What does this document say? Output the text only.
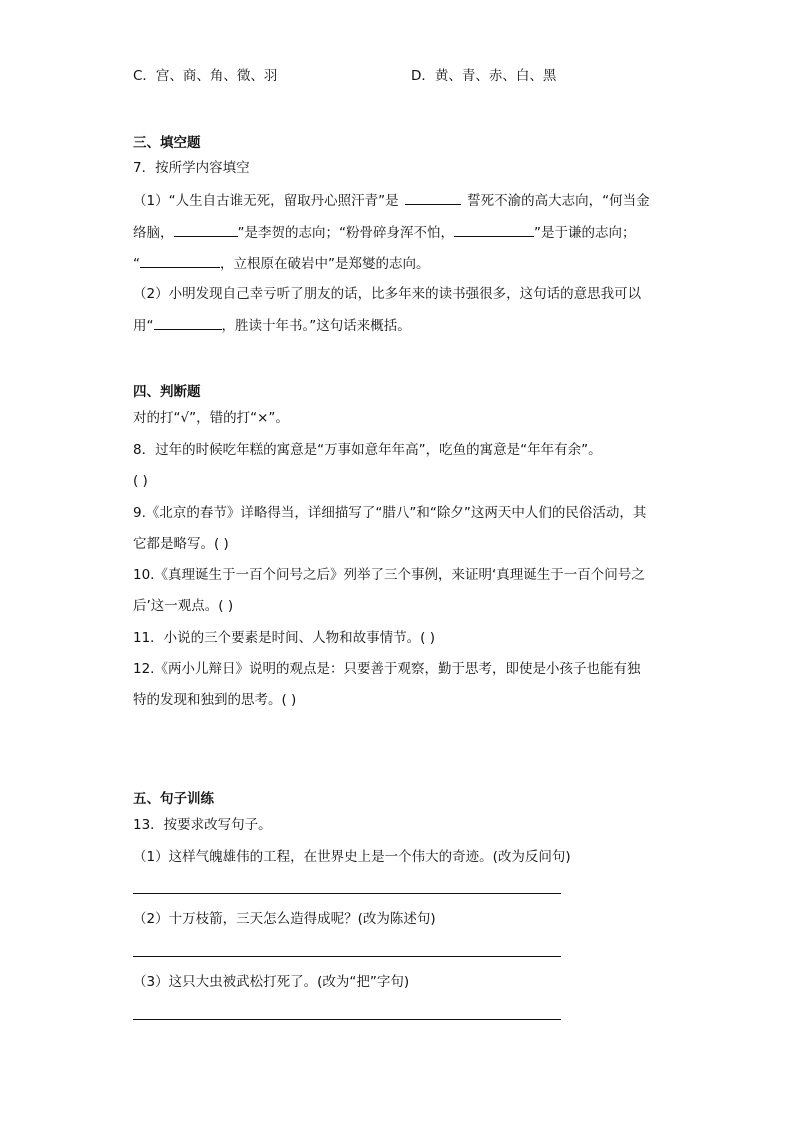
C．宫、商、角、徵、羽	D．黄、青、赤、白、黑
三、填空题
7．按所学内容填空
（1）“人生自古谁无死，留取丹心照汗青”是	誓死不渝的高大志向，“何当金
络脑，	”是李贺的志向；“粉骨碎身浑不怕，	”是于谦的志向；
“	，立根原在破岩中”是郑燮的志向。
（2）小明发现自己幸亏听了朋友的话，比多年来的读书强很多，这句话的意思我可以
用“	，胜读十年书。”这句话来概括。
四、判断题
对的打“√”，错的打“×”。
8．过年的时候吃年糕的寓意是“万事如意年年高”，吃鱼的寓意是“年年有余”。
( )
9.《北京的春节》详略得当，详细描写了“腊八”和“除夕”这两天中人们的民俗活动，其
它都是略写。( )
10.《真理诞生于一百个问号之后》列举了三个事例，来证明‘真理诞生于一百个问号之
后’这一观点。( )
11．小说的三个要素是时间、人物和故事情节。( )
12.《两小儿辩日》说明的观点是：只要善于观察，勤于思考，即使是小孩子也能有独
特的发现和独到的思考。( )
五、句子训练
13．按要求改写句子。
（1）这样气魄雄伟的工程，在世界史上是一个伟大的奇迹。(改为反问句)
（2）十万枝箭，三天怎么造得成呢？(改为陈述句)
（3）这只大虫被武松打死了。(改为“把”字句)
